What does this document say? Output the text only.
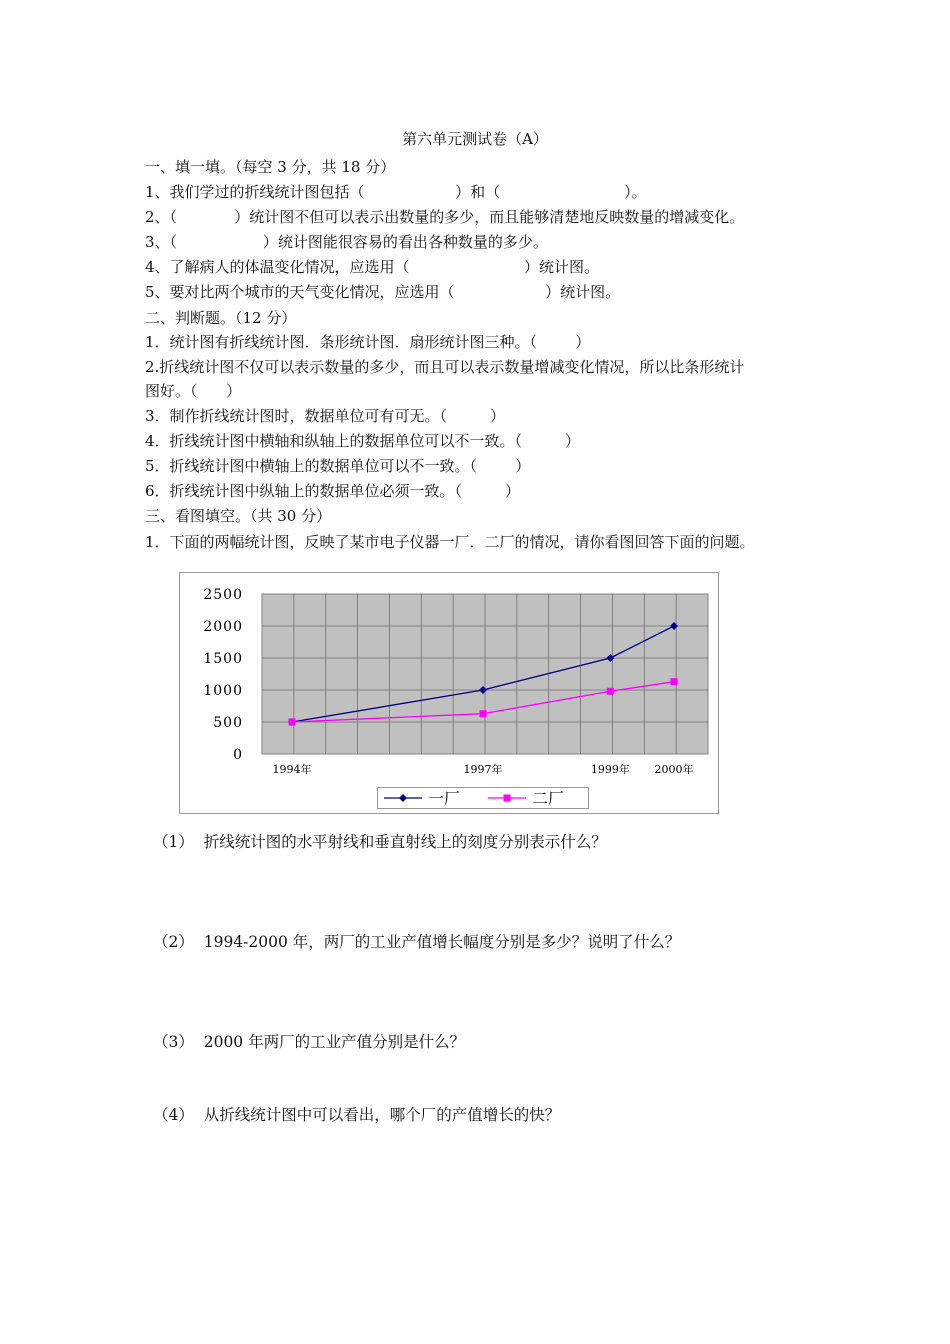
第六单元测试卷（A）
一、填一填。（每空 3 分，共 18 分）
1、我们学过的折线统计图包括（                   ）和（                          ）。
2、（            ）统计图不但可以表示出数量的多少，而且能够清楚地反映数量的增减变化。
3、（                  ）统计图能很容易的看出各种数量的多少。
4、了解病人的体温变化情况，应选用（                        ）统计图。
5、要对比两个城市的天气变化情况，应选用（                   ）统计图。
二、判断题。（12 分）
1．统计图有折线统计图．条形统计图．扇形统计图三种。（        ）
2.折线统计图不仅可以表示数量的多少，而且可以表示数量增减变化情况，所以比条形统计
图好。（      ）
3．制作折线统计图时，数据单位可有可无。（         ）
4．折线统计图中横轴和纵轴上的数据单位可以不一致。（         ）
5．折线统计图中横轴上的数据单位可以不一致。（        ）
6．折线统计图中纵轴上的数据单位必须一致。（         ）
三、看图填空。（共 30 分）
1．下面的两幅统计图，反映了某市电子仪器一厂．二厂的情况，请你看图回答下面的问题。
0
500
1000
1500
2000
2500
1994年	1997年	1999年 2000年
一厂	二厂
（1）  折线统计图的水平射线和垂直射线上的刻度分别表示什么？
（2）  1994-2000 年，两厂的工业产值增长幅度分别是多少？说明了什么？
（3）  2000 年两厂的工业产值分别是什么？
（4）  从折线统计图中可以看出，哪个厂的产值增长的快？
